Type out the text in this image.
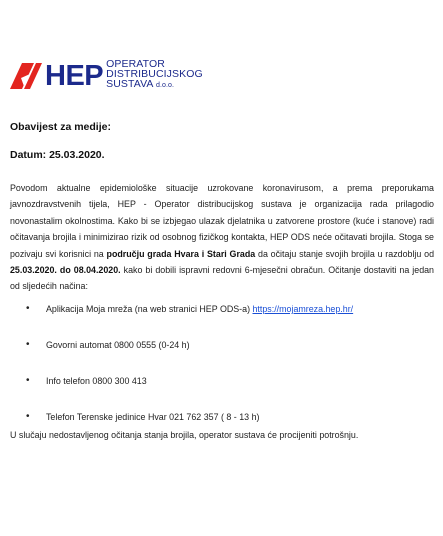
HEP OPERATOR
DISTRIBUCIJSKOG
SUSTAVA d.o.o.
Obavijest za medije:
Datum: 25.03.2020.
Povodom aktualne epidemiološke situacije uzrokovane koronavirusom, a prema preporukama javnozdravstvenih tijela, HEP - Operator distribucijskog sustava je organizacija rada prilagodio novonastalim okolnostima. Kako bi se izbjegao ulazak djelatnika u zatvorene prostore (kuće i stanove) radi očitavanja brojila i minimizirao rizik od osobnog fizičkog kontakta, HEP ODS neće očitavati brojila. Stoga se pozivaju svi korisnici na području grada Hvara i Stari Grada da očitaju stanje svojih brojila u razdoblju od 25.03.2020. do 08.04.2020. kako bi dobili ispravni redovni 6-mjesečni obračun. Očitanje dostaviti na jedan od sljedećih načina:
• Aplikacija Moja mreža (na web stranici HEP ODS-a) https://mojamreza.hep.hr/
• Govorni automat 0800 0555 (0-24 h)
• Info telefon 0800 300 413
• Telefon Terenske jedinice Hvar 021 762 357 ( 8 - 13 h)
U slučaju nedostavljenog očitanja stanja brojila, operator sustava će procijeniti potrošnju.
